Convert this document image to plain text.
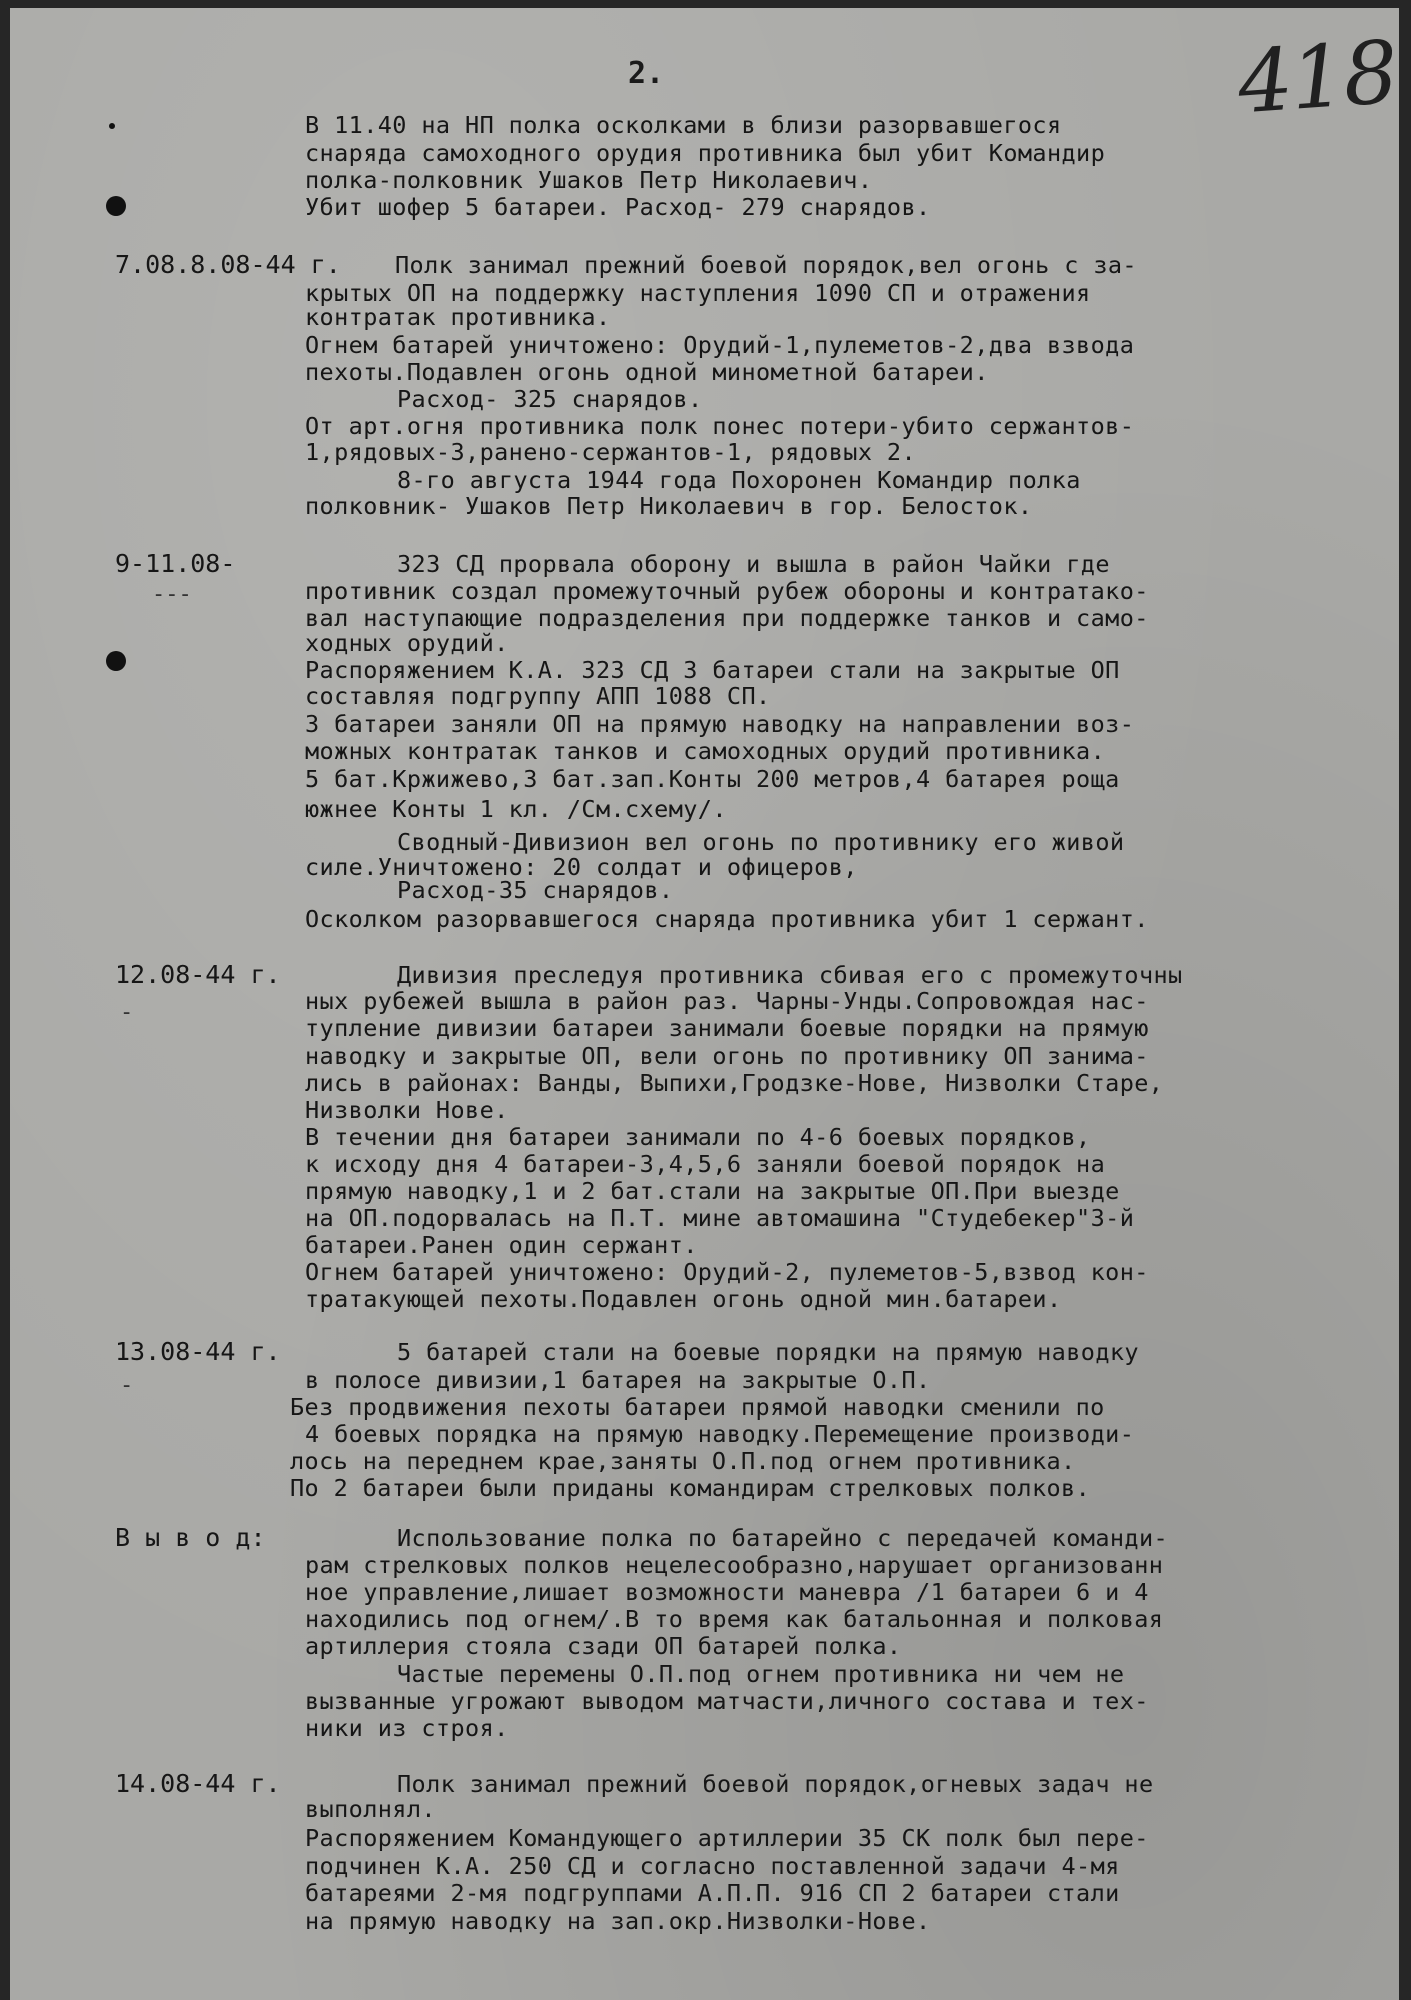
418
2.
-
---
-
В 11.40 на НП полка осколками в близи разорвавшегося
снаряда самоходного орудия противника был убит Командир
полка-полковник Ушаков Петр Николаевич.
Убит шофер 5 батареи. Расход- 279 снарядов.
7.08.8.08-44 г. Полк занимал прежний боевой порядок,вел огонь с за-
крытых ОП на поддержку наступления 1090 СП и отражения
контратак противника.
Огнем батарей уничтожено: Орудий-1,пулеметов-2,два взвода
пехоты.Подавлен огонь одной минометной батареи.
Расход- 325 снарядов.
От арт.огня противника полк понес потери-убито сержантов-
1,рядовых-3,ранено-сержантов-1, рядовых 2.
8-го августа 1944 года Похоронен Командир полка
полковник- Ушаков Петр Николаевич в гор. Белосток.
9-11.08-	323 СД прорвала оборону и вышла в район Чайки где
противник создал промежуточный рубеж обороны и контратако-
вал наступающие подразделения при поддержке танков и само-
ходных орудий.
Распоряжением К.А. 323 СД 3 батареи стали на закрытые ОП
составляя подгруппу АПП 1088 СП.
3 батареи заняли ОП на прямую наводку на направлении воз-
можных контратак танков и самоходных орудий противника.
5 бат.Кржижево,3 бат.зап.Конты 200 метров,4 батарея роща
южнее Конты 1 кл. /См.схему/.
Сводный-Дивизион вел огонь по противнику его живой
силе.Уничтожено: 20 солдат и офицеров,
Расход-35 снарядов.
Осколком разорвавшегося снаряда противника убит 1 сержант.
12.08-44 г.	Дивизия преследуя противника сбивая его с промежуточны
ных рубежей вышла в район раз. Чарны-Унды.Сопровождая нас-
тупление дивизии батареи занимали боевые порядки на прямую
наводку и закрытые ОП, вели огонь по противнику ОП занима-
лись в районах: Ванды, Выпихи,Гродзке-Нове, Низволки Старе,
Низволки Нове.
В течении дня батареи занимали по 4-6 боевых порядков,
к исходу дня 4 батареи-3,4,5,6 заняли боевой порядок на
прямую наводку,1 и 2 бат.стали на закрытые ОП.При выезде
на ОП.подорвалась на П.Т. мине автомашина "Студебекер"3-й
батареи.Ранен один сержант.
Огнем батарей уничтожено: Орудий-2, пулеметов-5,взвод кон-
тратакующей пехоты.Подавлен огонь одной мин.батареи.
13.08-44 г.	5 батарей стали на боевые порядки на прямую наводку
в полосе дивизии,1 батарея на закрытые О.П.
Без продвижения пехоты батареи прямой наводки сменили по
4 боевых порядка на прямую наводку.Перемещение производи-
лось на переднем крае,заняты О.П.под огнем противника.
По 2 батареи были приданы командирам стрелковых полков.
В ы в о д:	Использование полка по батарейно с передачей команди-
рам стрелковых полков нецелесообразно,нарушает организованн
ное управление,лишает возможности маневра /1 батареи 6 и 4
находились под огнем/.В то время как батальонная и полковая
артиллерия стояла сзади ОП батарей полка.
Частые перемены О.П.под огнем противника ни чем не
вызванные угрожают выводом матчасти,личного состава и тех-
ники из строя.
14.08-44 г.	Полк занимал прежний боевой порядок,огневых задач не
выполнял.
Распоряжением Командующего артиллерии 35 СК полк был пере-
подчинен К.А. 250 СД и согласно поставленной задачи 4-мя
батареями 2-мя подгруппами А.П.П. 916 СП 2 батареи стали
на прямую наводку на зап.окр.Низволки-Нове.
